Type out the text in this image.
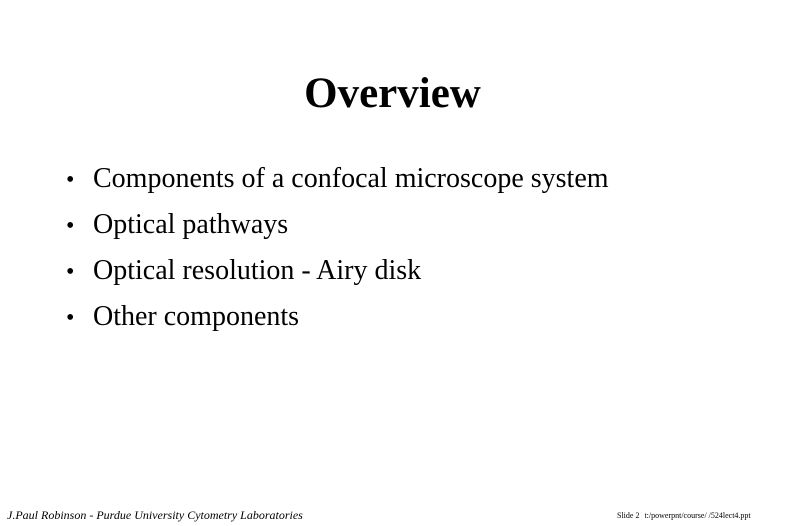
Overview
• Components of a confocal microscope system
• Optical pathways
• Optical resolution - Airy disk
• Other components
J.Paul Robinson - Purdue University Cytometry Laboratories	Slide 2 t:/powerpnt/course/ /524lect4.ppt
